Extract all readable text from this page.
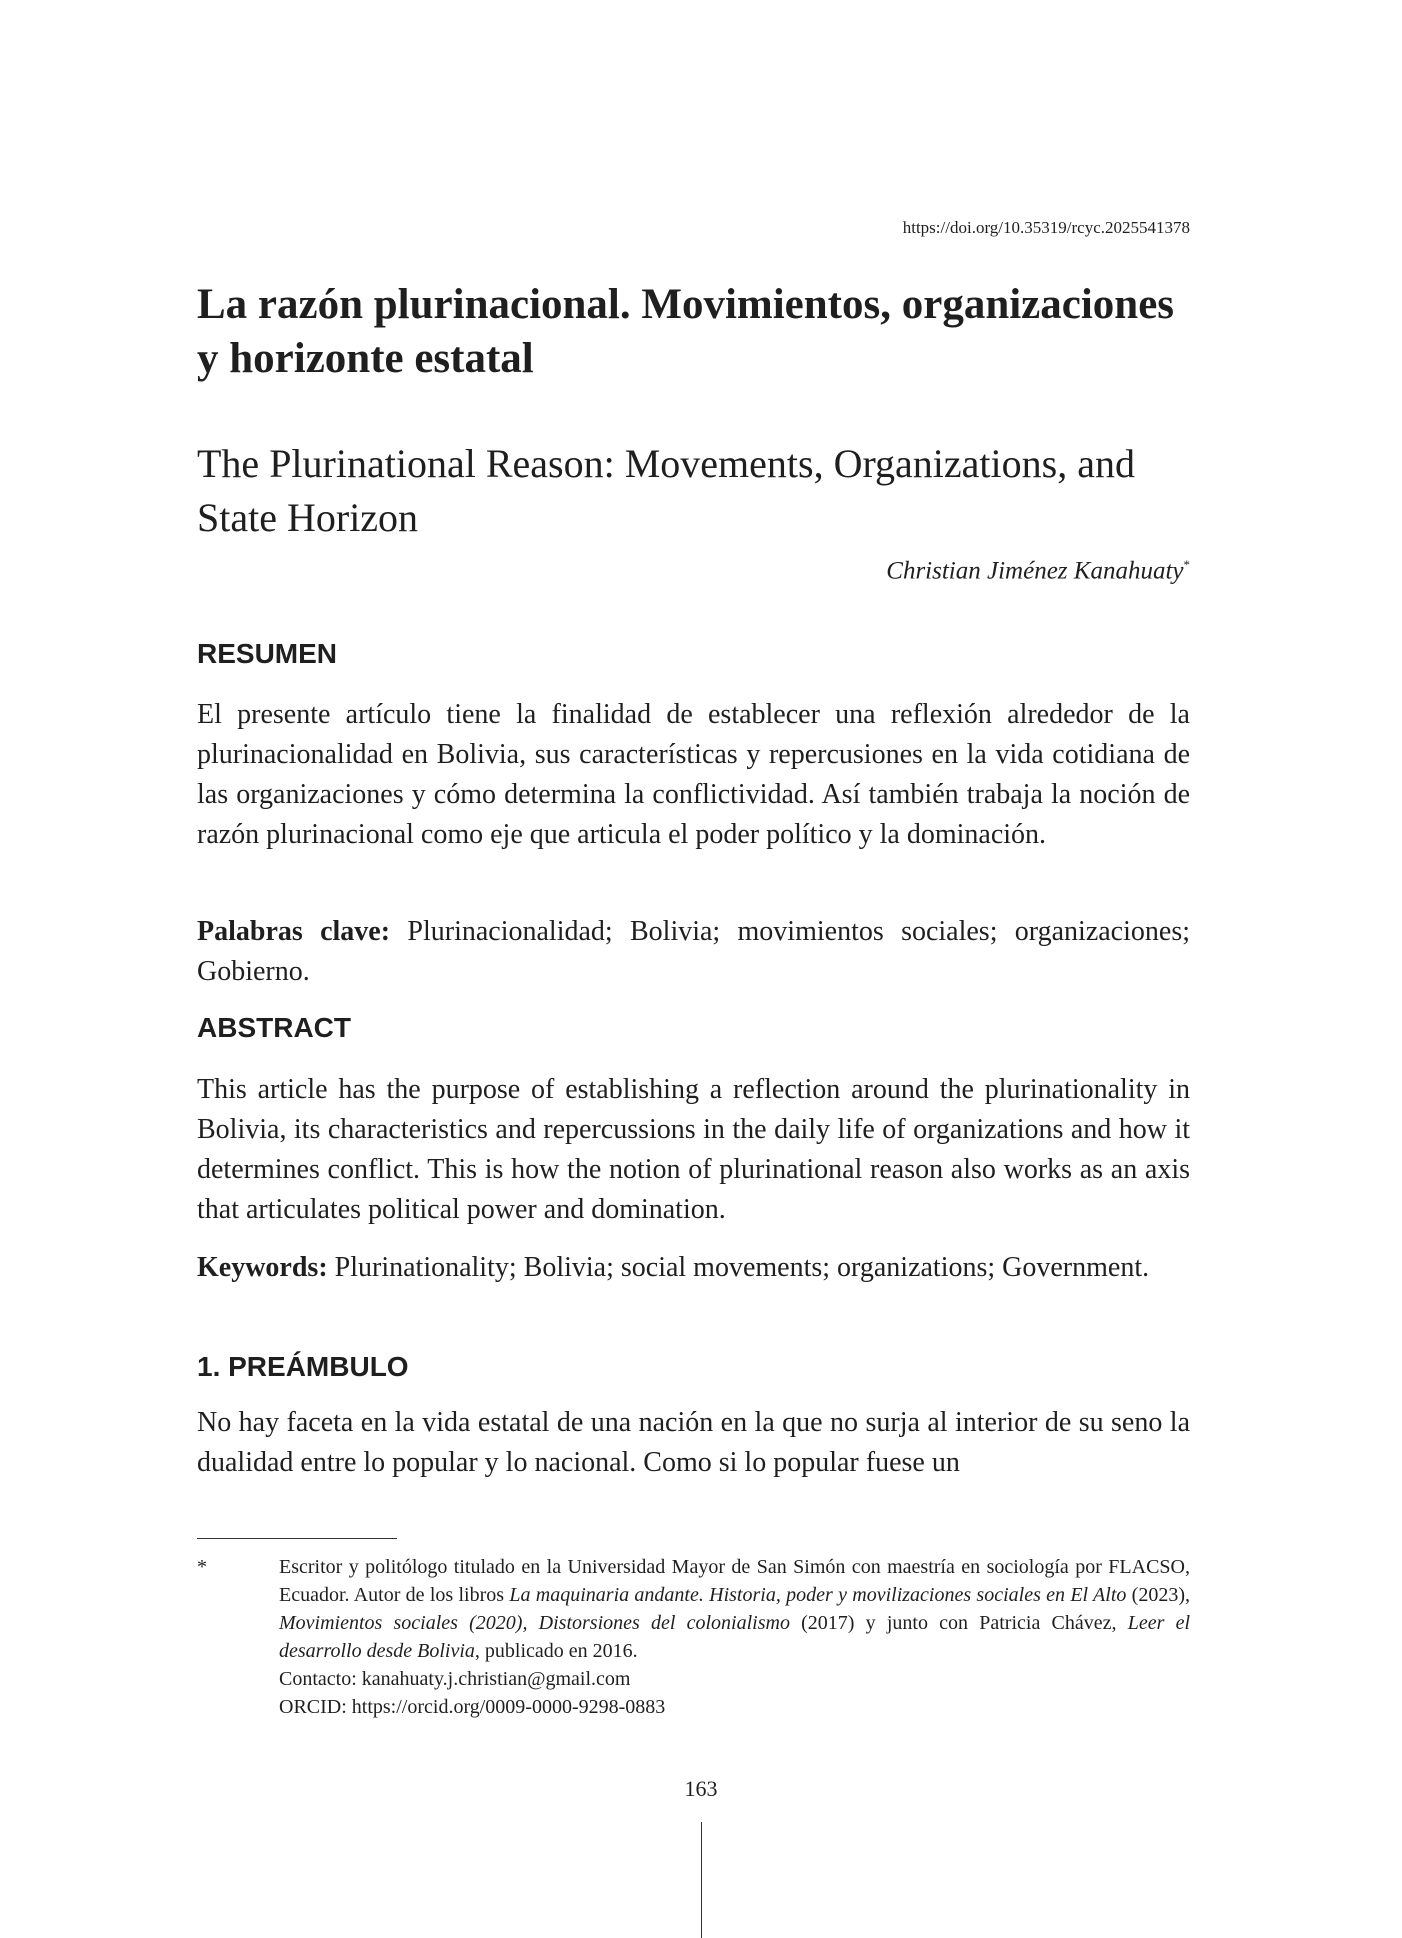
https://doi.org/10.35319/rcyc.2025541378
La razón plurinacional. Movimientos, organizaciones y horizonte estatal
The Plurinational Reason: Movements, Organizations, and State Horizon
Christian Jiménez Kanahuaty*
RESUMEN

El presente artículo tiene la finalidad de establecer una reflexión alrededor de la plurinacionalidad en Bolivia, sus características y repercusiones en la vida cotidiana de las organizaciones y cómo determina la conflictividad. Así también trabaja la noción de razón plurinacional como eje que articula el poder político y la dominación.

Palabras clave: Plurinacionalidad; Bolivia; movimientos sociales; organizaciones; Gobierno.

ABSTRACT

This article has the purpose of establishing a reflection around the plurinationality in Bolivia, its characteristics and repercussions in the daily life of organizations and how it determines conflict. This is how the notion of plurinational reason also works as an axis that articulates political power and domination.

Keywords: Plurinationality; Bolivia; social movements; organizations; Government.

1. PREÁMBULO

No hay faceta en la vida estatal de una nación en la que no surja al interior de su seno la dualidad entre lo popular y lo nacional. Como si lo popular fuese un

*	Escritor y politólogo titulado en la Universidad Mayor de San Simón con maestría en sociología por FLACSO, Ecuador. Autor de los libros La maquinaria andante. Historia, poder y movilizaciones sociales en El Alto (2023), Movimientos sociales (2020), Distorsiones del colonialismo (2017) y junto con Patricia Chávez, Leer el desarrollo desde Bolivia, publicado en 2016.
Contacto: kanahuaty.j.christian@gmail.com
ORCID: https://orcid.org/0009-0000-9298-0883
163
